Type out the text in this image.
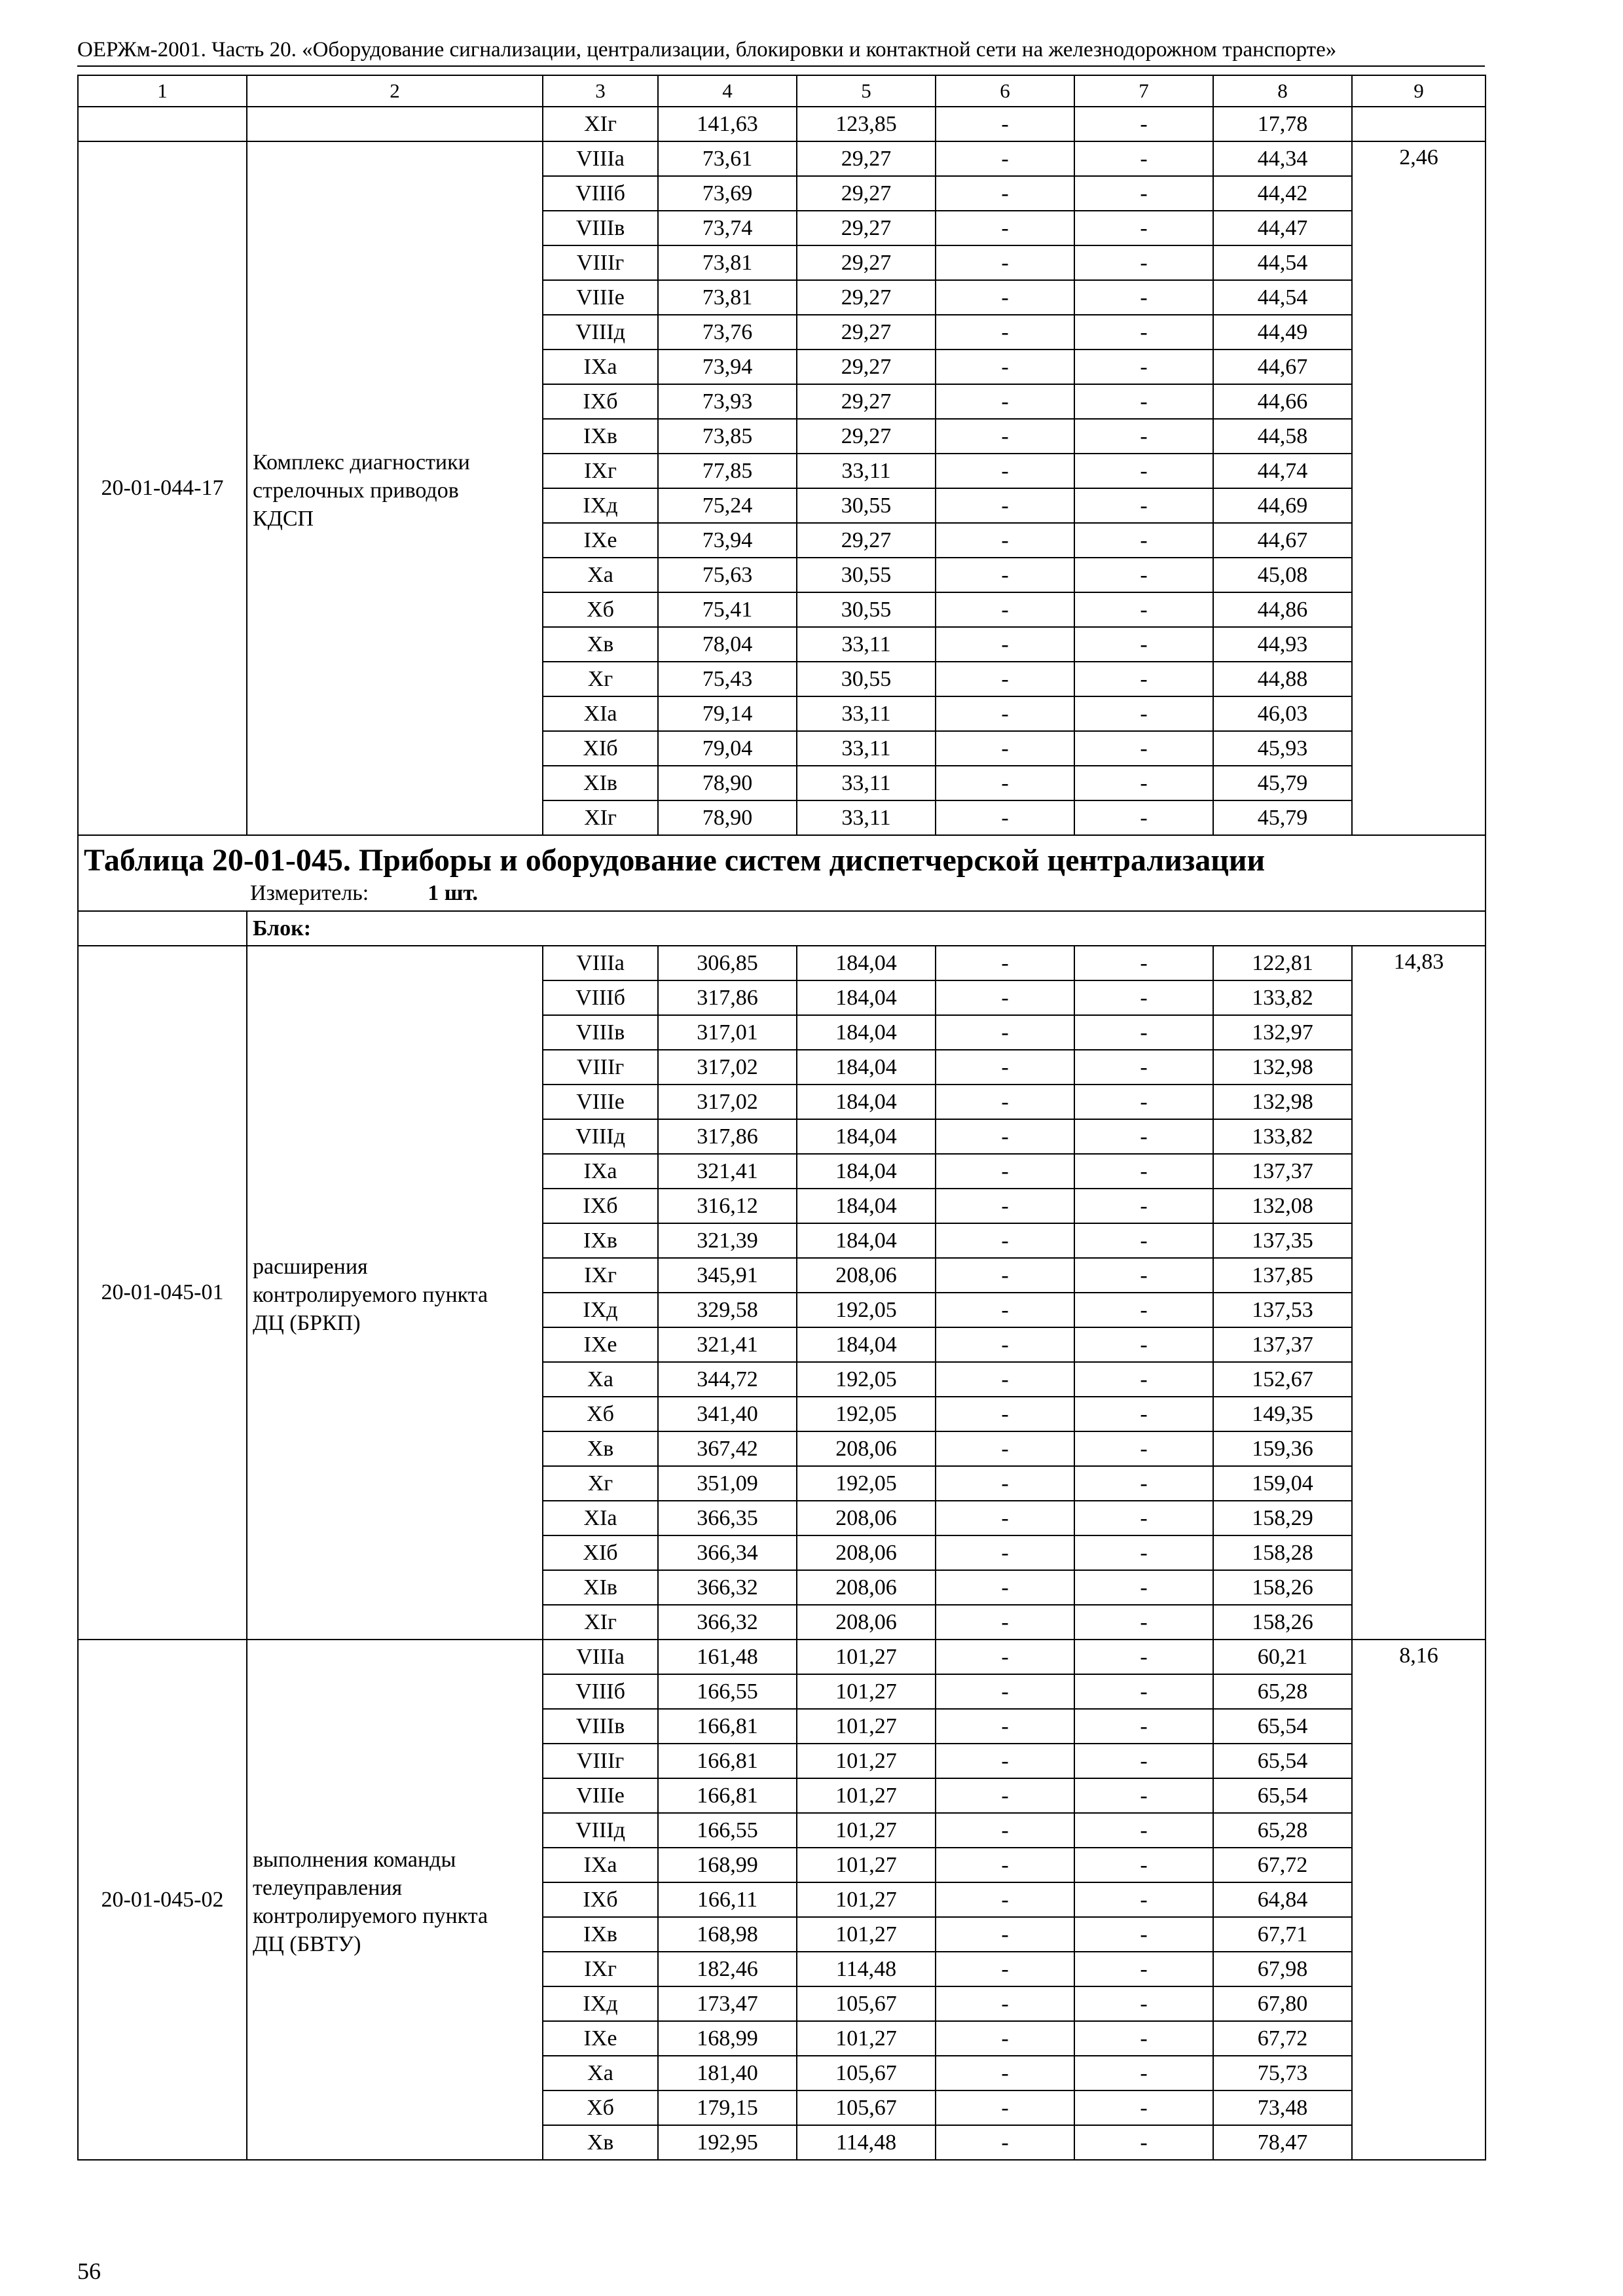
ОЕРЖм-2001. Часть 20. «Оборудование сигнализации, централизации, блокировки и контактной сети на железнодорожном транспорте»
1	2	3	4	5	6	7	8	9
		XIг	141,63	123,85	-	-	17,78	
20-01-044-17	Комплекс диагностики
стрелочных приводов
КДСП	VIIIа	73,61	29,27	-	-	44,34	2,46
		VIIIб	73,69	29,27	-	-	44,42	
		VIIIв	73,74	29,27	-	-	44,47	
		VIIIг	73,81	29,27	-	-	44,54	
		VIIIе	73,81	29,27	-	-	44,54	
		VIIIд	73,76	29,27	-	-	44,49	
		IXа	73,94	29,27	-	-	44,67	
		IXб	73,93	29,27	-	-	44,66	
		IXв	73,85	29,27	-	-	44,58	
		IXг	77,85	33,11	-	-	44,74	
		IXд	75,24	30,55	-	-	44,69	
		IXе	73,94	29,27	-	-	44,67	
		Xа	75,63	30,55	-	-	45,08	
		Xб	75,41	30,55	-	-	44,86	
		Xв	78,04	33,11	-	-	44,93	
		Xг	75,43	30,55	-	-	44,88	
		XIа	79,14	33,11	-	-	46,03	
		XIб	79,04	33,11	-	-	45,93	
		XIв	78,90	33,11	-	-	45,79	
		XIг	78,90	33,11	-	-	45,79	

Таблица 20-01-045. Приборы и оборудование систем диспетчерской централизации
Измеритель: 1 шт.								

	Блок:							
20-01-045-01	расширения
контролируемого пункта
ДЦ (БРКП)	VIIIа	306,85	184,04	-	-	122,81	14,83
		VIIIб	317,86	184,04	-	-	133,82	
		VIIIв	317,01	184,04	-	-	132,97	
		VIIIг	317,02	184,04	-	-	132,98	
		VIIIе	317,02	184,04	-	-	132,98	
		VIIIд	317,86	184,04	-	-	133,82	
		IXа	321,41	184,04	-	-	137,37	
		IXб	316,12	184,04	-	-	132,08	
		IXв	321,39	184,04	-	-	137,35	
		IXг	345,91	208,06	-	-	137,85	
		IXд	329,58	192,05	-	-	137,53	
		IXе	321,41	184,04	-	-	137,37	
		Xа	344,72	192,05	-	-	152,67	
		Xб	341,40	192,05	-	-	149,35	
		Xв	367,42	208,06	-	-	159,36	
		Xг	351,09	192,05	-	-	159,04	
		XIа	366,35	208,06	-	-	158,29	
		XIб	366,34	208,06	-	-	158,28	
		XIв	366,32	208,06	-	-	158,26	
		XIг	366,32	208,06	-	-	158,26	
20-01-045-02	выполнения команды
телеуправления
контролируемого пункта
ДЦ (БВТУ)	VIIIа	161,48	101,27	-	-	60,21	8,16
		VIIIб	166,55	101,27	-	-	65,28	
		VIIIв	166,81	101,27	-	-	65,54	
		VIIIг	166,81	101,27	-	-	65,54	
		VIIIе	166,81	101,27	-	-	65,54	
		VIIIд	166,55	101,27	-	-	65,28	
		IXа	168,99	101,27	-	-	67,72	
		IXб	166,11	101,27	-	-	64,84	
		IXв	168,98	101,27	-	-	67,71	
		IXг	182,46	114,48	-	-	67,98	
		IXд	173,47	105,67	-	-	67,80	
		IXе	168,99	101,27	-	-	67,72	
		Xа	181,40	105,67	-	-	75,73	
		Xб	179,15	105,67	-	-	73,48	
		Xв	192,95	114,48	-	-	78,47	
56
